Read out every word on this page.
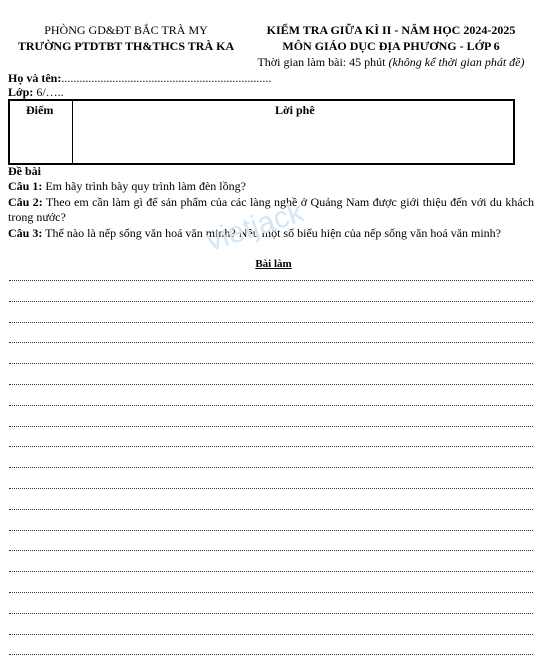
PHÒNG GD&ĐT BẮC TRÀ MY
TRƯỜNG PTDTBT TH&THCS TRÀ KA
KIỂM TRA GIỮA KÌ II - NĂM HỌC 2024-2025
MÔN GIÁO DỤC ĐỊA PHƯƠNG - LỚP 6
Thời gian làm bài: 45 phút (không kể thời gian phát đề)
Họ và tên:......................................................................
Lớp: 6/…..
Điểm	Lời phê
Đề bài
Câu 1: Em hãy trình bày quy trình làm đèn lồng?
Câu 2: Theo em cần làm gì để sản phẩm của các làng nghề ở Quảng Nam được giới thiệu đến với du khách trong nước?
Câu 3: Thế nào là nếp sống văn hoá văn minh? Nêu một số biểu hiện của nếp sống văn hoá văn minh?
vietjack
Bài làm
